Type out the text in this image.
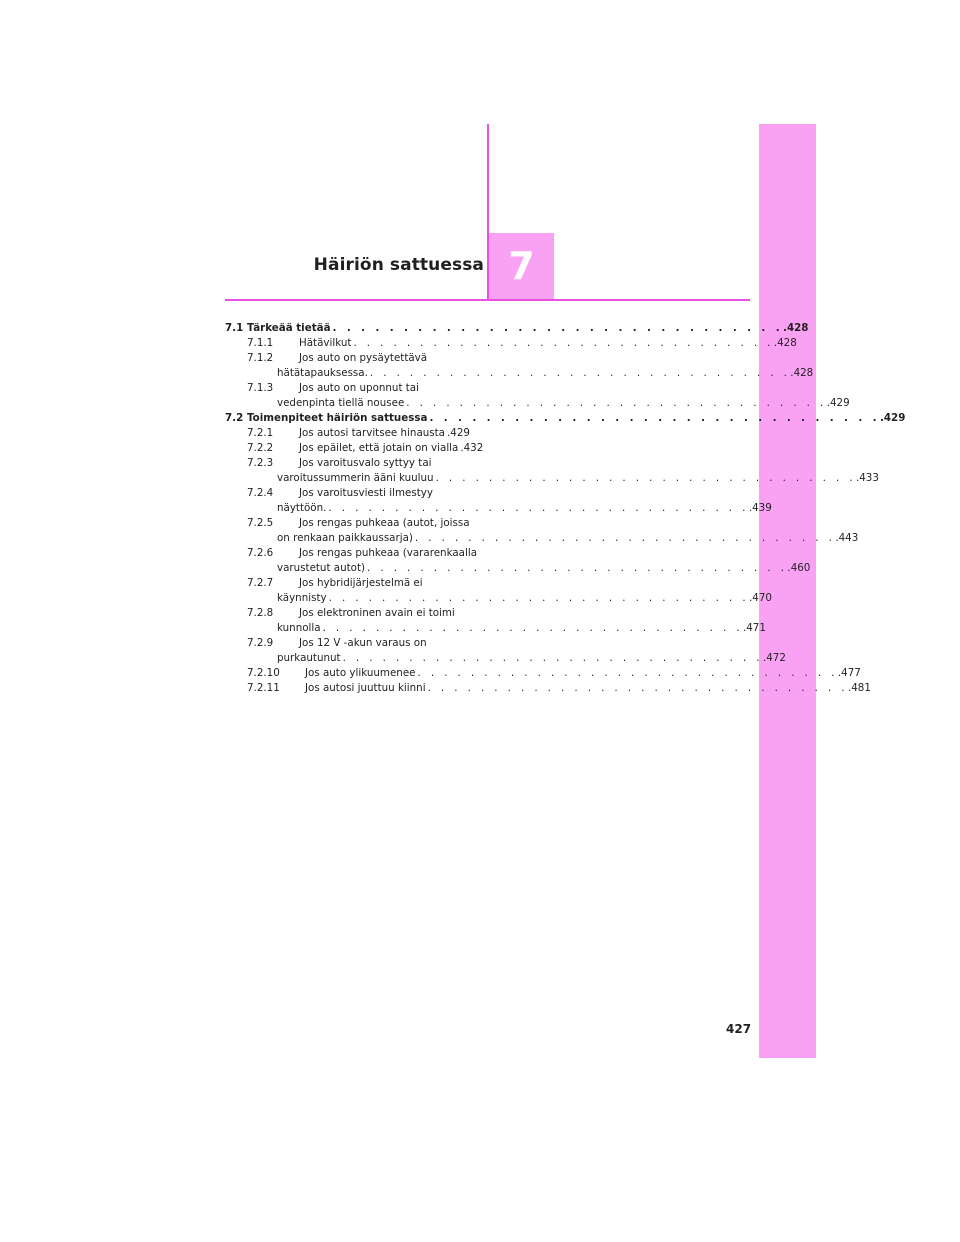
Häiriön sattuessa 7
7.1 Tärkeää tietää . . . . . . . . . . . . . . . . . . . . . . . . . . . . . . . . .428
7.1.1	Hätävilkut . . . . . . . . . . . . . . . . . . . . . . . . . . . . . . . . .428
7.1.2	Jos auto on pysäytettävä
hätätapauksessa. . . . . . . . . . . . . . . . . . . . . . . . . . . . . . . . . .428
7.1.3	Jos auto on uponnut tai
vedenpinta tiellä nousee . . . . . . . . . . . . . . . . . . . . . . . . . . . . . . . . .429
7.2 Toimenpiteet häiriön sattuessa . . . . . . . . . . . . . . . . . . . . . . . . . . . . . . . . .429
7.2.1	Jos autosi tarvitsee hinausta .429
7.2.2	Jos epäilet, että jotain on vialla .432
7.2.3	Jos varoitusvalo syttyy tai
varoitussummerin ääni kuuluu . . . . . . . . . . . . . . . . . . . . . . . . . . . . . . . . .433
7.2.4	Jos varoitusviesti ilmestyy
näyttöön. . . . . . . . . . . . . . . . . . . . . . . . . . . . . . . . . .439
7.2.5	Jos rengas puhkeaa (autot, joissa
on renkaan paikkaussarja) . . . . . . . . . . . . . . . . . . . . . . . . . . . . . . . . .443
7.2.6	Jos rengas puhkeaa (vararenkaalla
varustetut autot) . . . . . . . . . . . . . . . . . . . . . . . . . . . . . . . . .460
7.2.7	Jos hybridijärjestelmä ei
käynnisty . . . . . . . . . . . . . . . . . . . . . . . . . . . . . . . . .470
7.2.8	Jos elektroninen avain ei toimi
kunnolla . . . . . . . . . . . . . . . . . . . . . . . . . . . . . . . . .471
7.2.9	Jos 12 V -akun varaus on
purkautunut . . . . . . . . . . . . . . . . . . . . . . . . . . . . . . . . .472
7.2.10	Jos auto ylikuumenee . . . . . . . . . . . . . . . . . . . . . . . . . . . . . . . . .477
7.2.11	Jos autosi juuttuu kiinni . . . . . . . . . . . . . . . . . . . . . . . . . . . . . . . . .481
427
